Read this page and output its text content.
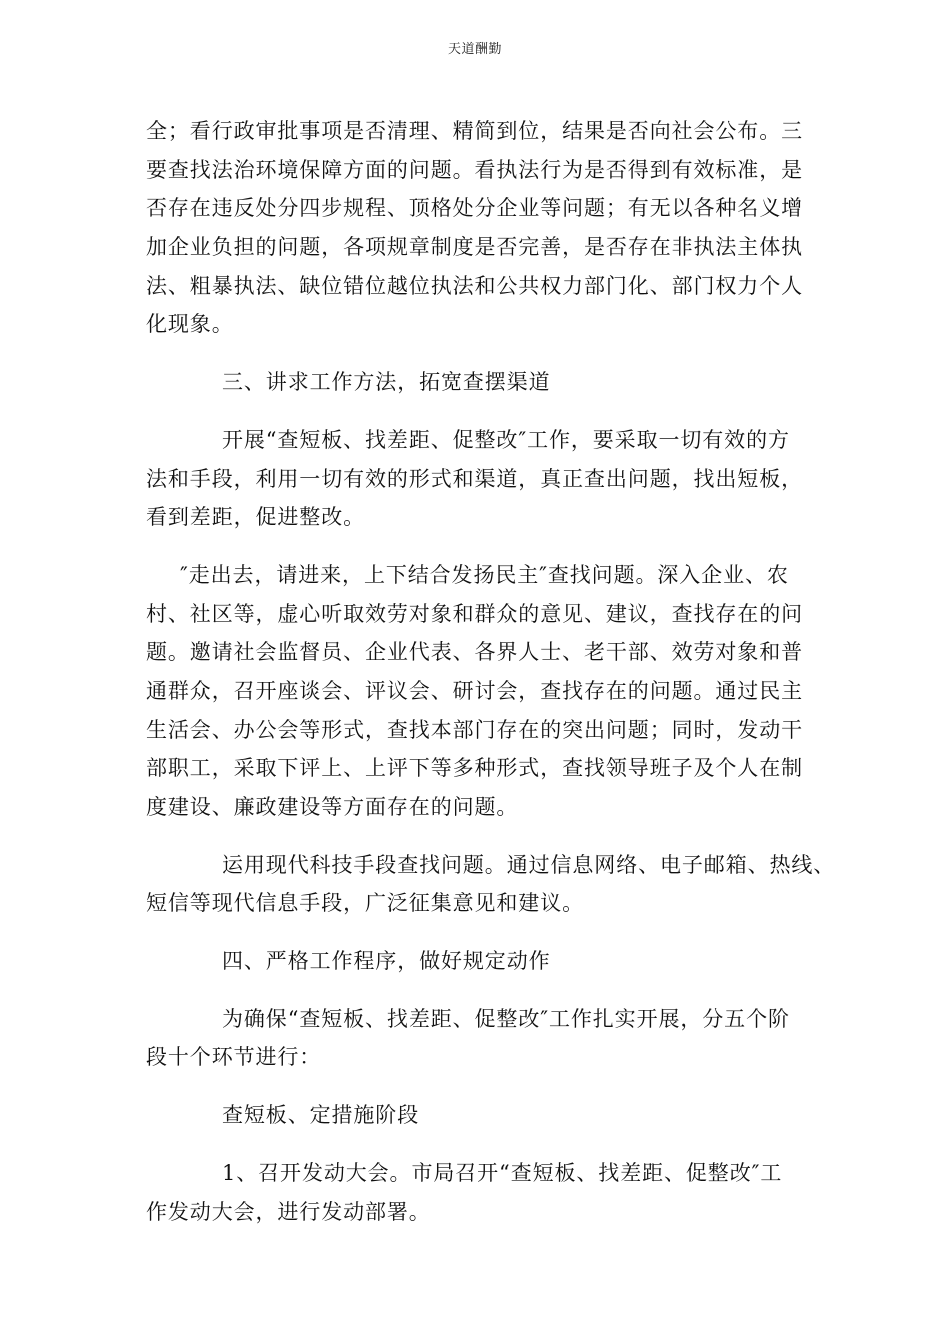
天道酬勤
全；看行政审批事项是否清理、精简到位，结果是否向社会公布。三
要查找法治环境保障方面的问题。看执法行为是否得到有效标准，是
否存在违反处分四步规程、顶格处分企业等问题；有无以各种名义增
加企业负担的问题，各项规章制度是否完善，是否存在非执法主体执
法、粗暴执法、缺位错位越位执法和公共权力部门化、部门权力个人
化现象。
三、讲求工作方法，拓宽查摆渠道
开展“查短板、找差距、促整改″工作，要采取一切有效的方
法和手段，利用一切有效的形式和渠道，真正查出问题，找出短板，
看到差距，促进整改。
″走出去，请进来，上下结合发扬民主″查找问题。深入企业、农
村、社区等，虚心听取效劳对象和群众的意见、建议，查找存在的问
题。邀请社会监督员、企业代表、各界人士、老干部、效劳对象和普
通群众，召开座谈会、评议会、研讨会，查找存在的问题。通过民主
生活会、办公会等形式，查找本部门存在的突出问题；同时，发动干
部职工，采取下评上、上评下等多种形式，查找领导班子及个人在制
度建设、廉政建设等方面存在的问题。
运用现代科技手段查找问题。通过信息网络、电子邮箱、热线、
短信等现代信息手段，广泛征集意见和建议。
四、严格工作程序，做好规定动作
为确保“查短板、找差距、促整改″工作扎实开展，分五个阶
段十个环节进行：
查短板、定措施阶段
1、召开发动大会。市局召开“查短板、找差距、促整改″工
作发动大会，进行发动部署。
